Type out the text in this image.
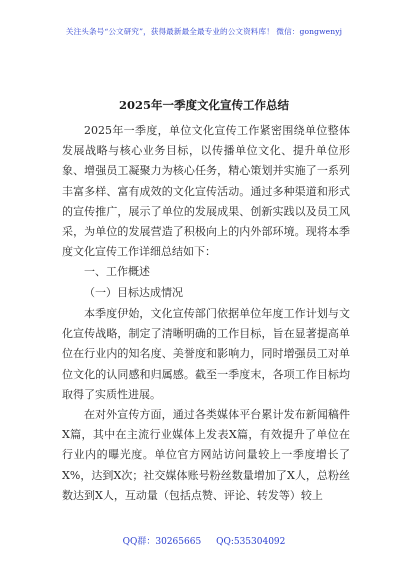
关注头条号“公文研究”，获得最新最全最专业的公文资料库！ 微信：gongwenyj
2025年一季度文化宣传工作总结

2025年一季度，单位文化宣传工作紧密围绕单位整体发展战略与核心业务目标，以传播单位文化、提升单位形象、增强员工凝聚力为核心任务，精心策划并实施了一系列丰富多样、富有成效的文化宣传活动。通过多种渠道和形式的宣传推广，展示了单位的发展成果、创新实践以及员工风采，为单位的发展营造了积极向上的内外部环境。现将本季度文化宣传工作详细总结如下：

一、工作概述

（一）目标达成情况

本季度伊始，文化宣传部门依据单位年度工作计划与文化宣传战略，制定了清晰明确的工作目标，旨在显著提高单位在行业内的知名度、美誉度和影响力，同时增强员工对单位文化的认同感和归属感。截至一季度末，各项工作目标均取得了实质性进展。

在对外宣传方面，通过各类媒体平台累计发布新闻稿件X篇，其中在主流行业媒体上发表X篇，有效提升了单位在行业内的曝光度。单位官方网站访问量较上一季度增长了X%，达到X次；社交媒体账号粉丝数量增加了X人，总粉丝数达到X人，互动量（包括点赞、评论、转发等）较上

QQ群：30265665 QQ:535304092
